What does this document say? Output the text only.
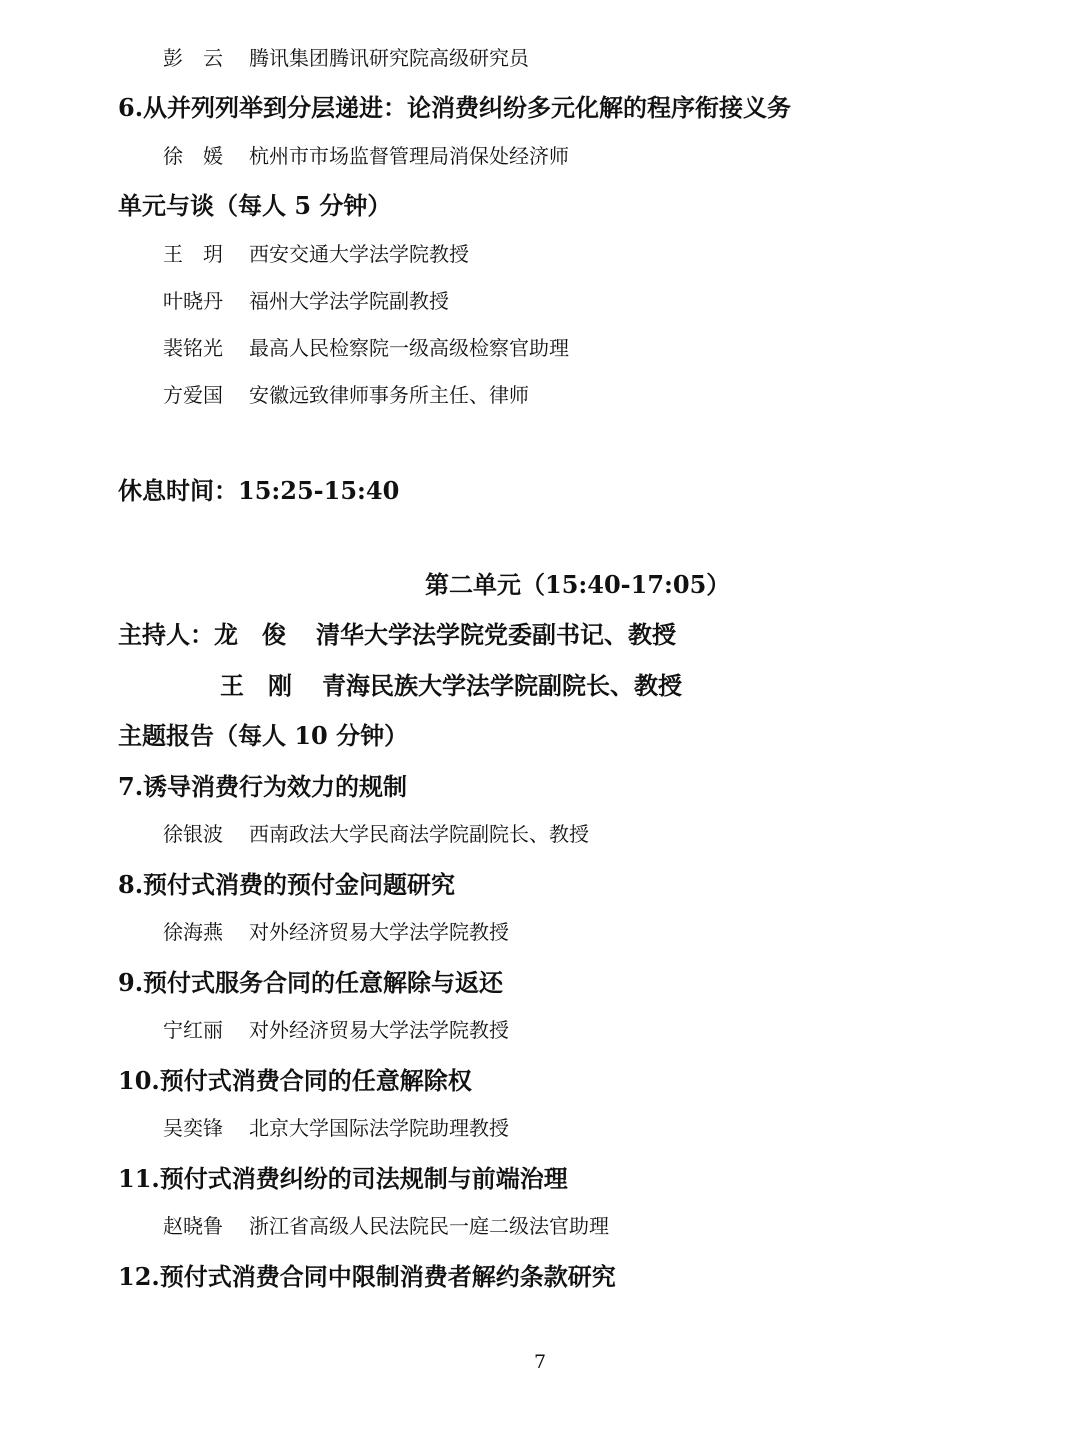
彭　云 腾讯集团腾讯研究院高级研究员
6.从并列列举到分层递进：论消费纠纷多元化解的程序衔接义务
徐　媛 杭州市市场监督管理局消保处经济师
单元与谈（每人 5 分钟）
王　玥 西安交通大学法学院教授
叶晓丹 福州大学法学院副教授
裴铭光 最高人民检察院一级高级检察官助理
方爱国 安徽远致律师事务所主任、律师
休息时间：15:25-15:40
第二单元（15:40-17:05）
主持人：龙　俊 清华大学法学院党委副书记、教授
王　刚 青海民族大学法学院副院长、教授
主题报告（每人 10 分钟）
7.诱导消费行为效力的规制
徐银波 西南政法大学民商法学院副院长、教授
8.预付式消费的预付金问题研究
徐海燕 对外经济贸易大学法学院教授
9.预付式服务合同的任意解除与返还
宁红丽 对外经济贸易大学法学院教授
10.预付式消费合同的任意解除权
吴奕锋 北京大学国际法学院助理教授
11.预付式消费纠纷的司法规制与前端治理
赵晓鲁 浙江省高级人民法院民一庭二级法官助理
12.预付式消费合同中限制消费者解约条款研究
7
